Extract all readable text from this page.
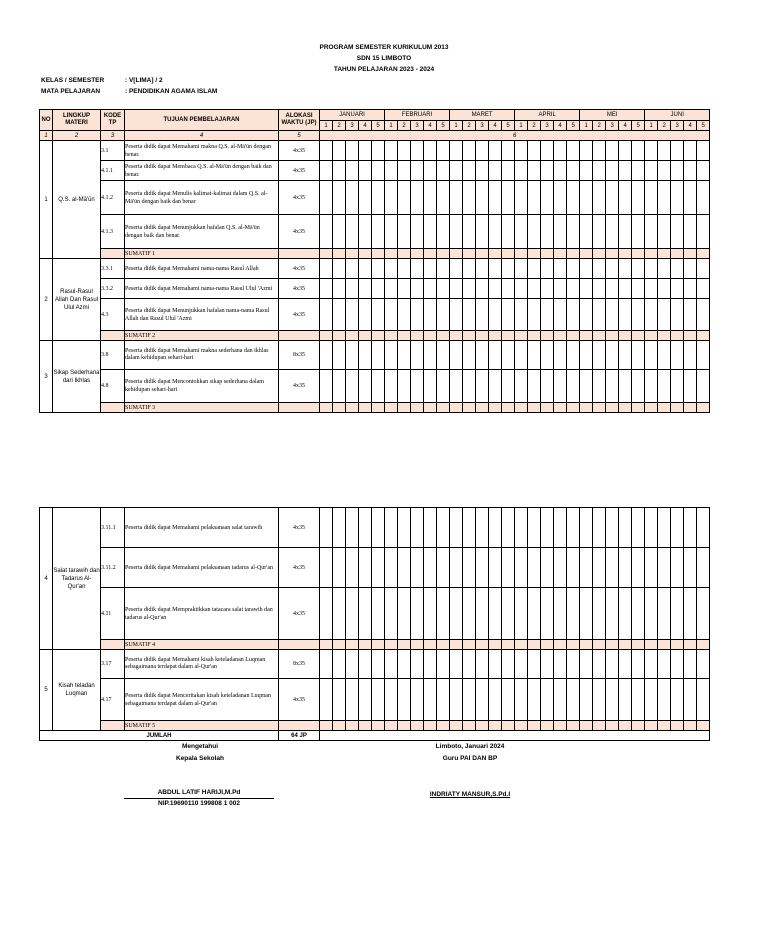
PROGRAM SEMESTER KURIKULUM 2013
SDN 15 LIMBOTO
TAHUN PELAJARAN 2023 - 2024
KELAS / SEMESTER	: V[LIMA] / 2
MATA PELAJARAN	: PENDIDIKAN AGAMA ISLAM
NO	LINGKUP MATERI	KODE TP	TUJUAN PEMBELAJARAN	ALOKASI WAKTU (JP)	JANUARI					FEBRUARI					MARET					APRIL					MEI					JUNI				
					1	2	3	4	5	1	2	3	4	5	1	2	3	4	5	1	2	3	4	5	1	2	3	4	5	1	2	3	4	5
1	2	3	4	5	6																													
1	Q.S. al-Mā'ūn	3.1	Peserta didik dapat Memahami makna Q.S. al-Mā'ūn dengan benar.	4x35																														
		4.1.1	Peserta didik dapat Membaca Q.S. al-Mā'ūn dengan baik dan benar.	4x35																														
		4.1.2	Peserta didik dapat Menulis kalimat-kalimat dalam Q.S. al-Mā'ūn dengan baik dan benar	4x35																														
		4.1.3	Peserta didik dapat Menunjukkan hafalan Q.S. al-Mā'ūn dengan baik dan benar.	4x35																														
			SUMATIF 1																															
2	Rasul-Rasul Allah Dan Rasul Ulul Azmi	3.3.1	Peserta didik dapat Memahami nama-nama Rasul Allah	4x35																														
		3.3.2	Peserta didik dapat Memahami nama-nama Rasul Ulul 'Azmi	4x35																														
		4.3	Peserta didik dapat Menunjukkan hafalan nama-nama Rasul Allah dan Rasul Ulul 'Azmi	4x35																														
			SUMATIF 2																															
3	Sikap Sederhana dari Ikhlas	3.8	Peserta didik dapat Memahami makna sederhana dan ikhlas dalam kehidupan sehari-hari	8x35																														
		4.8	Peserta didik dapat Mencontohkan sikap sederhana dalam kehidupan sehari-hari	4x35																														
			SUMATIF 3																															
4	Salat tarawih dan Tadarus Al-Qur'an	3.11.1	Peserta didik dapat Memahami pelaksanaan salat tarawih	4x35																														
		3.11.2	Peserta didik dapat Memahami pelaksanaan tadarus al-Qur'an	4x35																														
		4.11	Peserta didik dapat Mempraktikkan tatacara salat tarawih dan tadarus al-Qur'an	4x35																														
			SUMATIF 4																															
5	Kisah teladan Luqman	3.17	Peserta didik dapat Memahami kisah keteladanan Luqman sebagaimana terdapat dalam al-Qur'an	8x35																														
		4.17	Peserta didik dapat Menceritakan kisah keteladanan Luqman sebagaimana terdapat dalam al-Qur'an	4x35																														
			SUMATIF 5																															
JUMLAH				64 JP																														
Mengetahui
Kepala Sekolah
ABDUL LATIF HARIJI,M.Pd
NIP.19690110 199808 1 002
Limboto, Januari 2024
Guru PAI DAN BP
INDRIATY MANSUR,S.Pd.I
